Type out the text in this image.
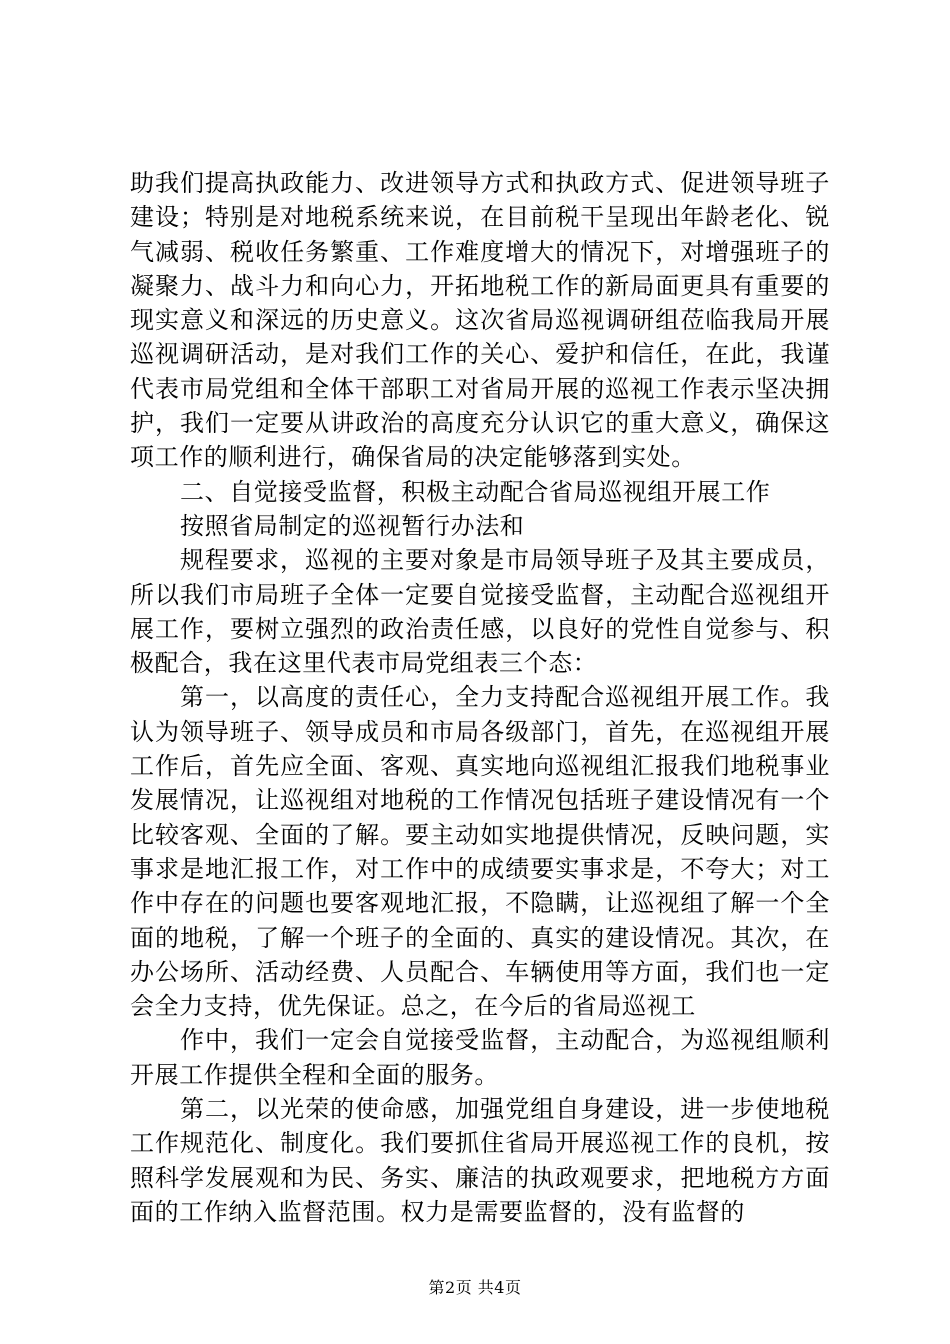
助我们提高执政能力、改进领导方式和执政方式、促进领导班子建设；特别是对地税系统来说，在目前税干呈现出年龄老化、锐气减弱、税收任务繁重、工作难度增大的情况下，对增强班子的凝聚力、战斗力和向心力，开拓地税工作的新局面更具有重要的现实意义和深远的历史意义。这次省局巡视调研组莅临我局开展巡视调研活动，是对我们工作的关心、爱护和信任，在此，我谨代表市局党组和全体干部职工对省局开展的巡视工作表示坚决拥护，我们一定要从讲政治的高度充分认识它的重大意义，确保这项工作的顺利进行，确保省局的决定能够落到实处。

二、自觉接受监督，积极主动配合省局巡视组开展工作

按照省局制定的巡视暂行办法和

规程要求，巡视的主要对象是市局领导班子及其主要成员，所以我们市局班子全体一定要自觉接受监督，主动配合巡视组开展工作，要树立强烈的政治责任感，以良好的党性自觉参与、积极配合，我在这里代表市局党组表三个态：

第一，以高度的责任心，全力支持配合巡视组开展工作。我认为领导班子、领导成员和市局各级部门，首先，在巡视组开展工作后，首先应全面、客观、真实地向巡视组汇报我们地税事业发展情况，让巡视组对地税的工作情况包括班子建设情况有一个比较客观、全面的了解。要主动如实地提供情况，反映问题，实事求是地汇报工作，对工作中的成绩要实事求是，不夸大；对工作中存在的问题也要客观地汇报，不隐瞒，让巡视组了解一个全面的地税，了解一个班子的全面的、真实的建设情况。其次，在办公场所、活动经费、人员配合、车辆使用等方面，我们也一定会全力支持，优先保证。总之，在今后的省局巡视工

作中，我们一定会自觉接受监督，主动配合，为巡视组顺利开展工作提供全程和全面的服务。

第二，以光荣的使命感，加强党组自身建设，进一步使地税工作规范化、制度化。我们要抓住省局开展巡视工作的良机，按照科学发展观和为民、务实、廉洁的执政观要求，把地税方方面面的工作纳入监督范围。权力是需要监督的，没有监督的

第2页 共4页
